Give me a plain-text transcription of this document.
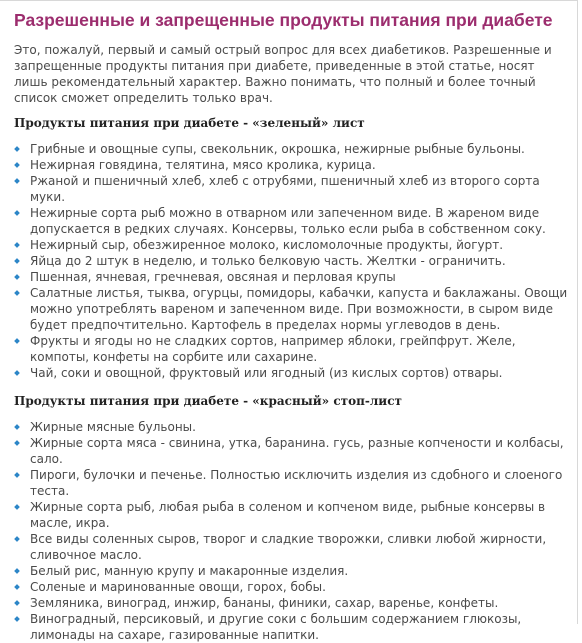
Разрешенные и запрещенные продукты питания при диабете

Это, пожалуй, первый и самый острый вопрос для всех диабетиков. Разрешенные и запрещенные продукты питания при диабете, приведенные в этой статье, носят лишь рекомендательный характер. Важно понимать, что полный и более точный список сможет определить только врач.

Продукты питания при диабете - «зеленый» лист
Грибные и овощные супы, свекольник, окрошка, нежирные рыбные бульоны.
Нежирная говядина, телятина, мясо кролика, курица.
Ржаной и пшеничный хлеб, хлеб с отрубями, пшеничный хлеб из второго сорта муки.
Нежирные сорта рыб можно в отварном или запеченном виде. В жареном виде допускается в редких случаях. Консервы, только если рыба в собственном соку.
Нежирный сыр, обезжиренное молоко, кисломолочные продукты, йогурт.
Яйца до 2 штук в неделю, и только белковую часть. Желтки - ограничить.
Пшенная, ячневая, гречневая, овсяная и перловая крупы
Салатные листья, тыква, огурцы, помидоры, кабачки, капуста и баклажаны. Овощи можно употреблять вареном и запеченном виде. При возможности, в сыром виде будет предпочтительно. Картофель в пределах нормы углеводов в день.
Фрукты и ягоды но не сладких сортов, например яблоки, грейпфрут. Желе, компоты, конфеты на сорбите или сахарине.
Чай, соки и овощной, фруктовый или ягодный (из кислых сортов) отвары.
Продукты питания при диабете - «красный» стоп-лист
Жирные мясные бульоны.
Жирные сорта мяса - свинина, утка, баранина. гусь, разные копчености и колбасы, сало.
Пироги, булочки и печенье. Полностью исключить изделия из сдобного и слоеного теста.
Жирные сорта рыб, любая рыба в соленом и копченом виде, рыбные консервы в масле, икра.
Все виды соленных сыров, творог и сладкие творожки, сливки любой жирности, сливочное масло.
Белый рис, манную крупу и макаронные изделия.
Соленые и маринованные овощи, горох, бобы.
Земляника, виноград, инжир, бананы, финики, сахар, варенье, конфеты.
Виноградный, персиковый, и другие соки с большим содержанием глюкозы, лимонады на сахаре, газированные напитки.
